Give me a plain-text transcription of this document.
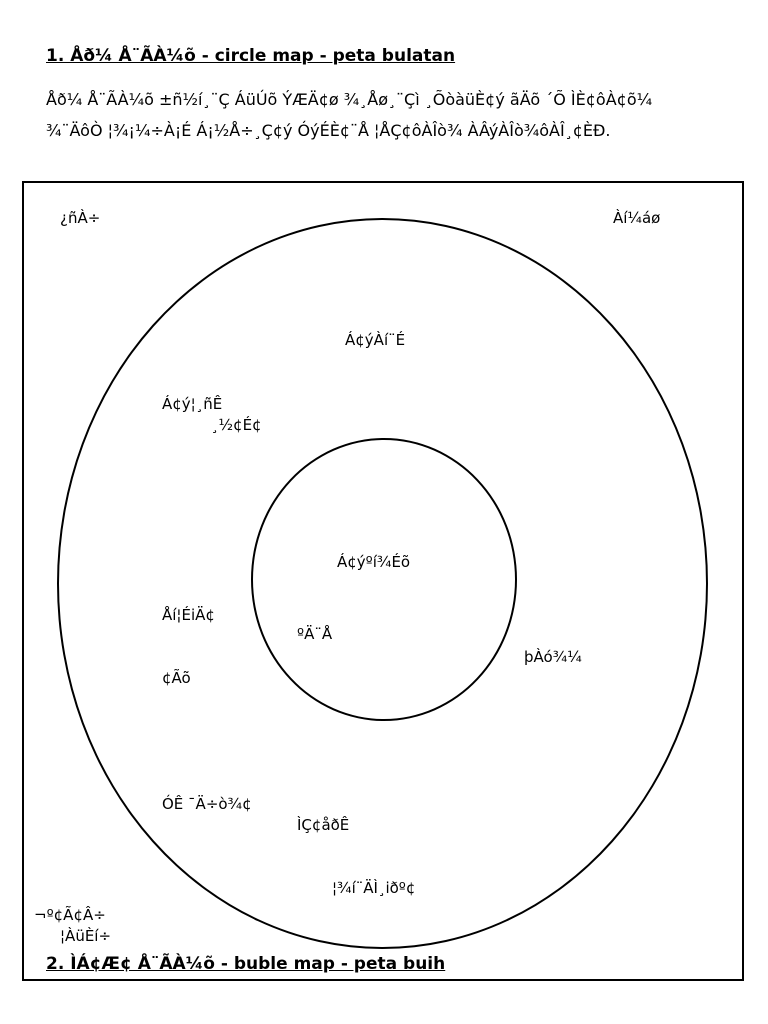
1. Åð¼ Å¨ÃÀ¼õ - circle map - peta bulatan
Åð¼ Å¨ÃÀ¼õ ±ñ½í¸¨Ç ÁüÚõ ÝÆÄ¢ø ¾¸Åø¸¨Çì ¸ÕòàüÈ¢ý ãÄõ ´Õ ÌÈ¢ôÀ¢õ¼
¾¨ÄôÒ ¦¾¡¼÷À¡É Á¡½Å÷¸Ç¢ý ÓýÉÈ¢¨Å ¦ÅÇ¢ôÀÎò¾ ÀÂýÀÎò¾ôÀÎ¸¢ÈÐ.
¿ñÀ÷	Àí¼áø
¬º¢Ã¢Â÷
¦ÀüÈí÷
Á¢ýºí¾Éõ
ºÄ¨Å
Á¢ýÀí¨É
Á¢ý¦¸ñÊ
¸½¢É¢
Åí¦ÉiÄ¢
¢Ãõ
þÀó¾¼
ÓÊ ¯Ä÷ò¾¢
ÌÇ¢åðÊ
¦¾í¨ÄÌ¸iðº¢
2. ÌÁ¢Æ¢ Å¨ÃÀ¼õ - buble map - peta buih
